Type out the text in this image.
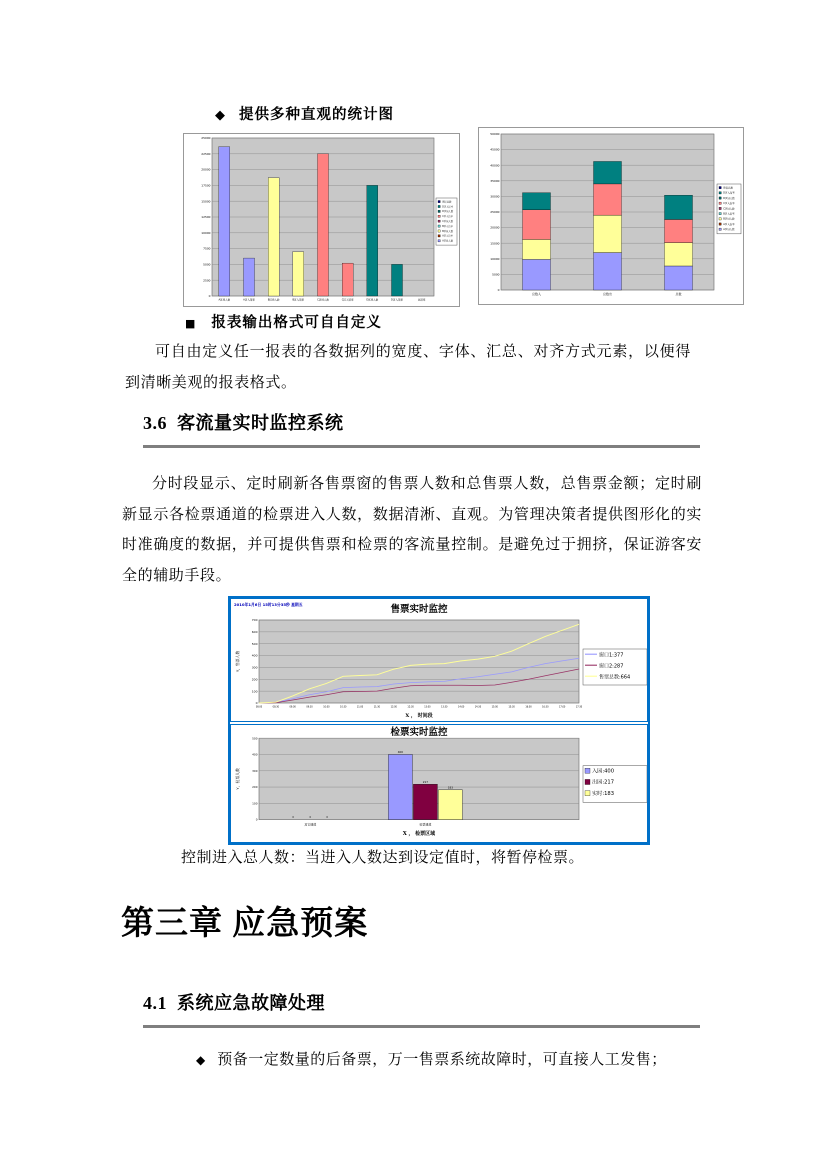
◆ 提供多种直观的统计图
0
2500
5000
7500
10000
12500
15000
17500
20000
22500
25000
A区域人数	A区入馆率	B区域人数	B区入馆率	C区域人数	C区入馆率	D区域人数	D区入馆率	总馆率
场馆总数
D区入馆率
D区域人数
C区入馆率
C区域人数
B区入馆率
B区域人数
A区入馆率
A区域人数
0
5000
10000
15000
20000
25000
30000
35000
40000
45000
50000
总数入	总数出	总数
场馆总数
D区入馆率
D区域人数
C区入馆率
C区域人数
B区入馆率
B区域人数
A区入馆率
A区域人数
■ 报表输出格式可自自定义
可自由定义任一报表的各数据列的宽度、字体、汇总、对齐方式元素，以便得到清晰美观的报表格式。
3.6  客流量实时监控系统
分时段显示、定时刷新各售票窗的售票人数和总售票人数，总售票金额；定时刷新显示各检票通道的检票进入人数，数据清淅、直观。为管理决策者提供图形化的实时准确度的数据，并可提供售票和检票的客流量控制。是避免过于拥挤，保证游客安全的辅助手段。
2010年1月6日 15时13分35秒 星期五	售票实时监控
0
100
200
300
400
500
600
700
08:00	08:30	09:00	09:30	10:00	10:30	11:00	11:30	12:00	12:30	13:00	13:30	14:00	14:30	15:00	15:30	16:00	16:30	17:00	17:30
Y，售票人数
X ， 时间段
窗口1:377
窗口2:287
售票总数:664
检票实时监控
0
100
200
300
400
500
0	0	0
400
217
183
其它通道	检票通道
Y，检票人数
X ， 检票区域
入园:400
出园:217
实时:183
控制进入总人数：当进入人数达到设定值时，将暂停检票。
第三章 应急预案
4.1  系统应急故障处理
◆ 预备一定数量的后备票，万一售票系统故障时，可直接人工发售；
